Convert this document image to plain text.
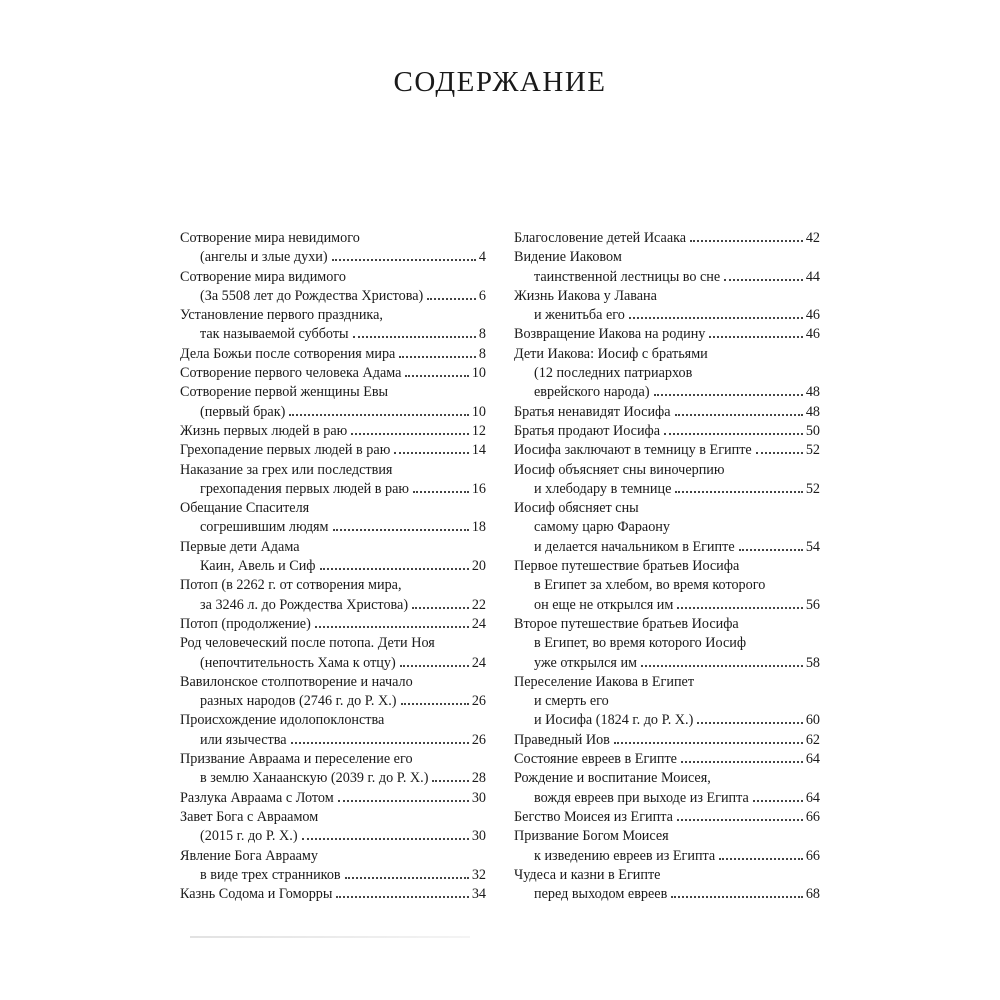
СОДЕРЖАНИЕ
Сотворение мира невидимого
(ангелы и злые духи)	4
Сотворение мира видимого
(За 5508 лет до Рождества Христова)	6
Установление первого праздника,
так называемой субботы	8
Дела Божьи после сотворения мира	8
Сотворение первого человека Адама	10
Сотворение первой женщины Евы
(первый брак)	10
Жизнь первых людей в раю	12
Грехопадение первых людей в раю	14
Наказание за грех или последствия
грехопадения первых людей в раю	16
Обещание Спасителя
согрешившим людям	18
Первые дети Адама
Каин, Авель и Сиф	20
Потоп (в 2262 г. от сотворения мира,
за 3246 л. до Рождества Христова)	22
Потоп (продолжение)	24
Род человеческий после потопа. Дети Ноя
(непочтительность Хама к отцу)	24
Вавилонское столпотворение и начало
разных народов (2746 г. до Р. Х.)	26
Происхождение идолопоклонства
или язычества	26
Призвание Авраама и переселение его
в землю Ханаанскую (2039 г. до Р. Х.)	28
Разлука Авраама с Лотом	30
Завет Бога с Авраамом
(2015 г. до Р. Х.)	30
Явление Бога Аврааму
в виде трех странников	32
Казнь Содома и Гоморры	34
Благословение детей Исаака	42
Видение Иаковом
таинственной лестницы во сне	44
Жизнь Иакова у Лавана
и женитьба его	46
Возвращение Иакова на родину	46
Дети Иакова: Иосиф с братьями
(12 последних патриархов
еврейского народа)	48
Братья ненавидят Иосифа	48
Братья продают Иосифа	50
Иосифа заключают в темницу в Египте	52
Иосиф объясняет сны виночерпию
и хлебодару в темнице	52
Иосиф обясняет сны
самому царю Фараону
и делается начальником в Египте	54
Первое путешествие братьев Иосифа
в Египет за хлебом, во время которого
он еще не открылся им	56
Второе путешествие братьев Иосифа
в Египет, во время которого Иосиф
уже открылся им	58
Переселение Иакова в Египет
и смерть его
и Иосифа (1824 г. до Р. Х.)	60
Праведный Иов	62
Состояние евреев в Египте	64
Рождение и воспитание Моисея,
вождя евреев при выходе из Египта	64
Бегство Моисея из Египта	66
Призвание Богом Моисея
к изведению евреев из Египта	66
Чудеса и казни в Египте
перед выходом евреев	68
